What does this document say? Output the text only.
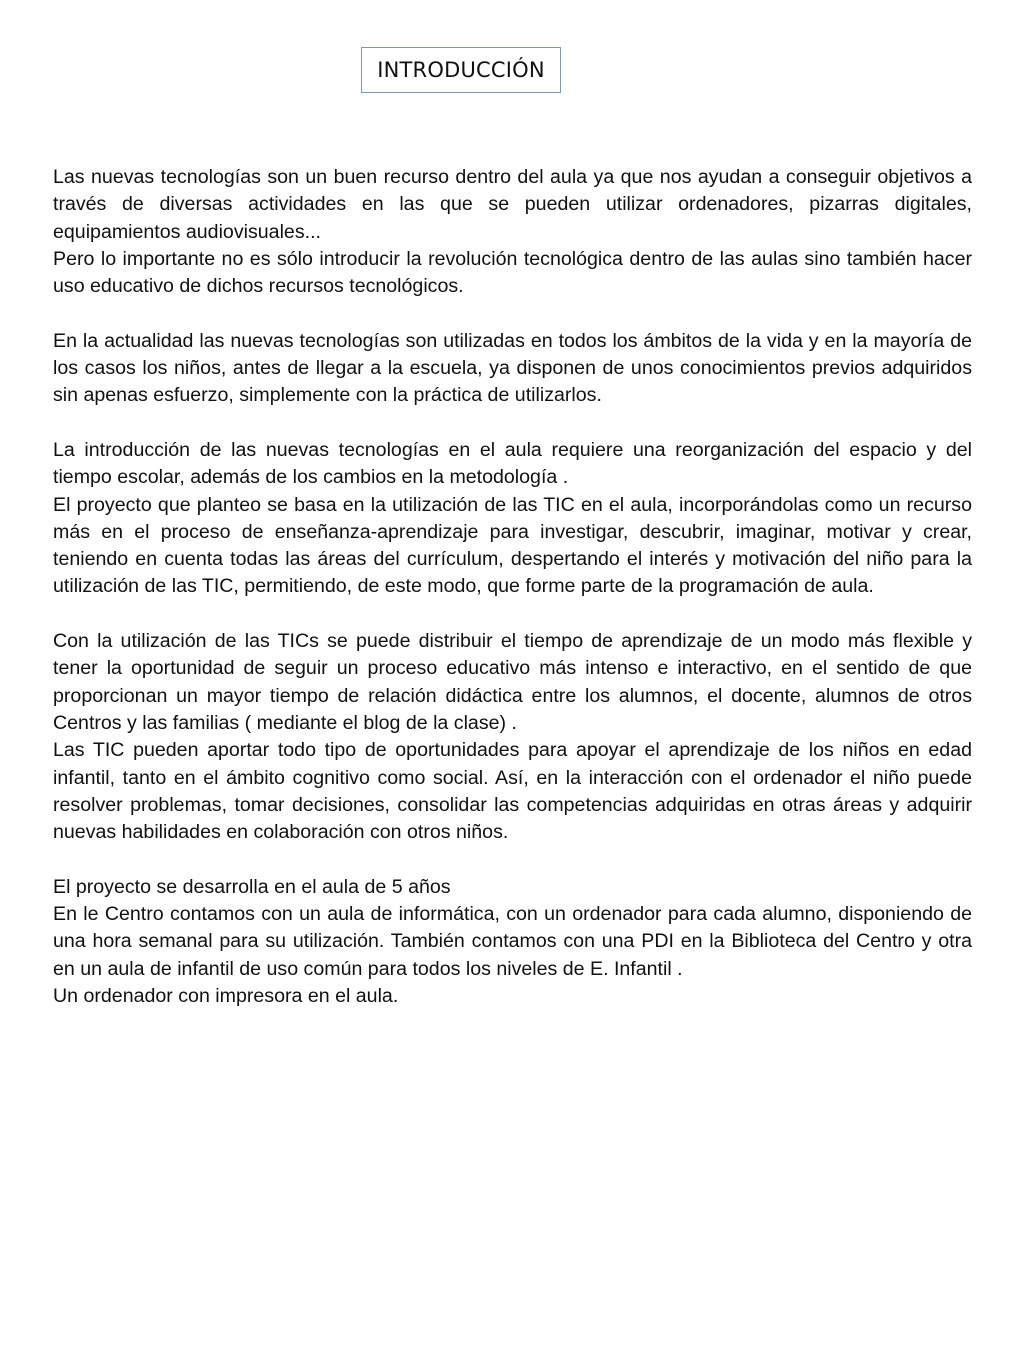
INTRODUCCIÓN

Las nuevas tecnologías son un buen recurso dentro del aula ya que nos ayudan a conseguir objetivos a través de diversas actividades en las que se pueden utilizar ordenadores, pizarras digitales, equipamientos audiovisuales...

Pero lo importante no es sólo introducir la revolución tecnológica dentro de las aulas sino también hacer uso educativo de dichos recursos tecnológicos.

En la actualidad las nuevas tecnologías son utilizadas en todos los ámbitos de la vida y en la mayoría de los casos los niños, antes de llegar a la escuela, ya disponen de unos conocimientos previos adquiridos sin apenas esfuerzo, simplemente con la práctica de utilizarlos.

La introducción de las nuevas tecnologías en el aula requiere una reorganización del espacio y del tiempo escolar, además de los cambios en la metodología .

El proyecto que planteo se basa en la utilización de las TIC en el aula, incorporándolas como un recurso más en el proceso de enseñanza-aprendizaje para investigar, descubrir, imaginar, motivar y crear, teniendo en cuenta todas las áreas del currículum, despertando el interés y motivación del niño para la utilización de las TIC, permitiendo, de este modo, que forme parte de la programación de aula.

Con la utilización de las TICs se puede distribuir el tiempo de aprendizaje de un modo más flexible y tener la oportunidad de seguir un proceso educativo más intenso e interactivo, en el sentido de que proporcionan un mayor tiempo de relación didáctica entre los alumnos, el docente, alumnos de otros Centros y las familias ( mediante el blog de la clase) .

Las TIC pueden aportar todo tipo de oportunidades para apoyar el aprendizaje de los niños en edad infantil, tanto en el ámbito cognitivo como social. Así, en la interacción con el ordenador el niño puede resolver problemas, tomar decisiones, consolidar las competencias adquiridas en otras áreas y adquirir nuevas habilidades en colaboración con otros niños.

El proyecto se desarrolla en el aula de 5 años

En le Centro contamos con un aula de informática, con un ordenador para cada alumno, disponiendo de una hora semanal para su utilización. También contamos con una PDI en la Biblioteca del Centro y otra en un aula de infantil de uso común para todos los niveles de E. Infantil .

Un ordenador con impresora en el aula.
